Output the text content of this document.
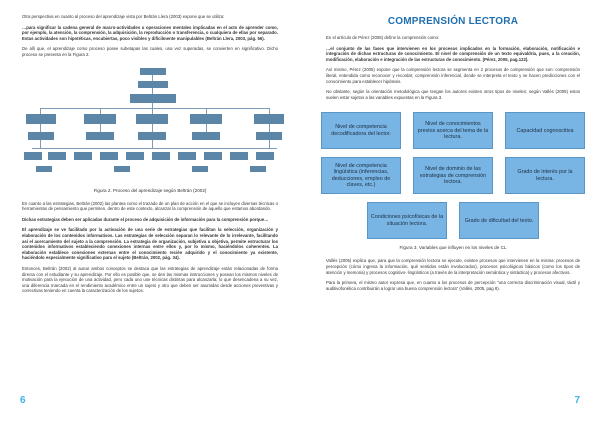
Otra perspectiva en cuanto al proceso del aprendizaje vista por Beltrán Llera (2003) expone que se utiliza:

…para significar la cadena general de macro-actividades u operaciones mentales implicadas en el acto de aprender como, por ejemplo, la atención, la comprensión, la adquisición, la reproducción o transferencia, o cualquiera de ellas por separado. Estas actividades son hipotéticas, encubiertas, poco visibles y difícilmente manipulables (Beltrán Llera, 2003, pág. 56).

De allí que, el aprendizaje como proceso posee subetapas las cuales, una vez superadas, se convierten en significativo. Dicho proceso se presenta en la Figura 2.

Figura 2. Proceso del aprendizaje según Beltrán (2002)

En cuanto a las estrategias, Beltrán (2002) las plantea como el trazado de un plan de acción en el que se incluyen diversas técnicas o herramientas de pensamiento que permiten, dentro de este contexto, alcanzar la comprensión de aquello que estamos abordando.

Dichas estrategias deben ser aplicadas durante el proceso de adquisición de información para la comprensión porque…

El aprendizaje se ve facilitado por la activación de una serie de estrategias que facilitan la selección, organización y elaboración de los contenidos informativos. Las estrategias de selección separan lo relevante de lo irrelevante, facilitando así el acercamiento del sujeto a la comprensión. La estrategia de organización, subjetiva u objetiva, permite estructurar los contenidos informativos estableciendo conexiones internas entre ellos y, por lo mismo, haciéndolos coherentes. La elaboración establece conexiones externas entre el conocimiento recién adquirido y el conocimiento ya existente, haciéndolo especialmente significativo para el sujeto (Beltrán, 2002, pág. 34).

Entonces, Beltrán (2002) al aunar ambos conceptos se destaca que las estrategias de aprendizaje están relacionadas de forma directa con el estudiante y su aprendizaje. Por ello es posible que, se den las mismas instrucciones y posean los mismos niveles de motivación para la ejecución de una actividad, pero cada uno use técnicas distintas para alcanzarla; lo que desencadena a su vez, una diferencia marcada en el rendimiento académico entre un sujeto y otro que deben ser asumidas desde acciones preventivas y correctivas teniendo en cuenta la caracterización de los sujetos.

6
COMPRENSIÓN LECTORA

En el artículo de Pérez (2005) define la comprensión como:

…el conjunto de las fases que intervienen en los procesos implicados en la formación, elaboración, notificación e integración de dichas estructuras de conocimiento. El nivel de comprensión de un texto equivaldría, pues, a la creación, modificación, elaboración e integración de las estructuras de conocimiento. (Pérez, 2005, pag.122).

Así mismo, Pérez (2005) expone que la comprensión lectora se segmenta en 2 procesos de comprensión que son: comprensión literal, entendida como reconocer y recordar; comprensión inferencial, donde se interpreta el texto y se hacen predicciones con el conocimiento para establecer hipótesis.

No obstante, según la orientación metodológica que tengan los autores existen otros tipos de niveles; según Vallés (2005) estos suelen estar sujetos a las variables expuestas en la Figura 3.

Nivel de competencia decodificadora del lector.
Nivel de conocimientos previos acerca del tema de la lectura.
Capacidad cognoscitiva
Nivel de competencia lingüística (inferencias, deducciones, empleo de claves, etc.)
Nivel de dominio de las estrategias de comprensión lectora.
Grado de interés por la lectura.
Condiciones psicofísicas de la situación lectora.
Grado de dificultad del texto.
Figura 3. Variables que influyen en los niveles de CL

Vallés (2005) explica que, para que la comprensión lectora se ejecute, existen procesos que intervienen en la misma: procesos de percepción (cómo ingresa la información, qué sentidos están involucrados), procesos psicológicos básicos (como los tipos de atención y memoria) y procesos cognitivo- lingüísticos (a través de la interpretación semántica y sintáctica) y procesos afectivos.

Para la primera, el mismo autor expresa que, en cuanto a los procesos de percepción "una correcta discriminación visual, táctil y auditivofonética contribuirán a lograr una buena comprensión lectora" (Vallés, 2005, pag 8).

7
